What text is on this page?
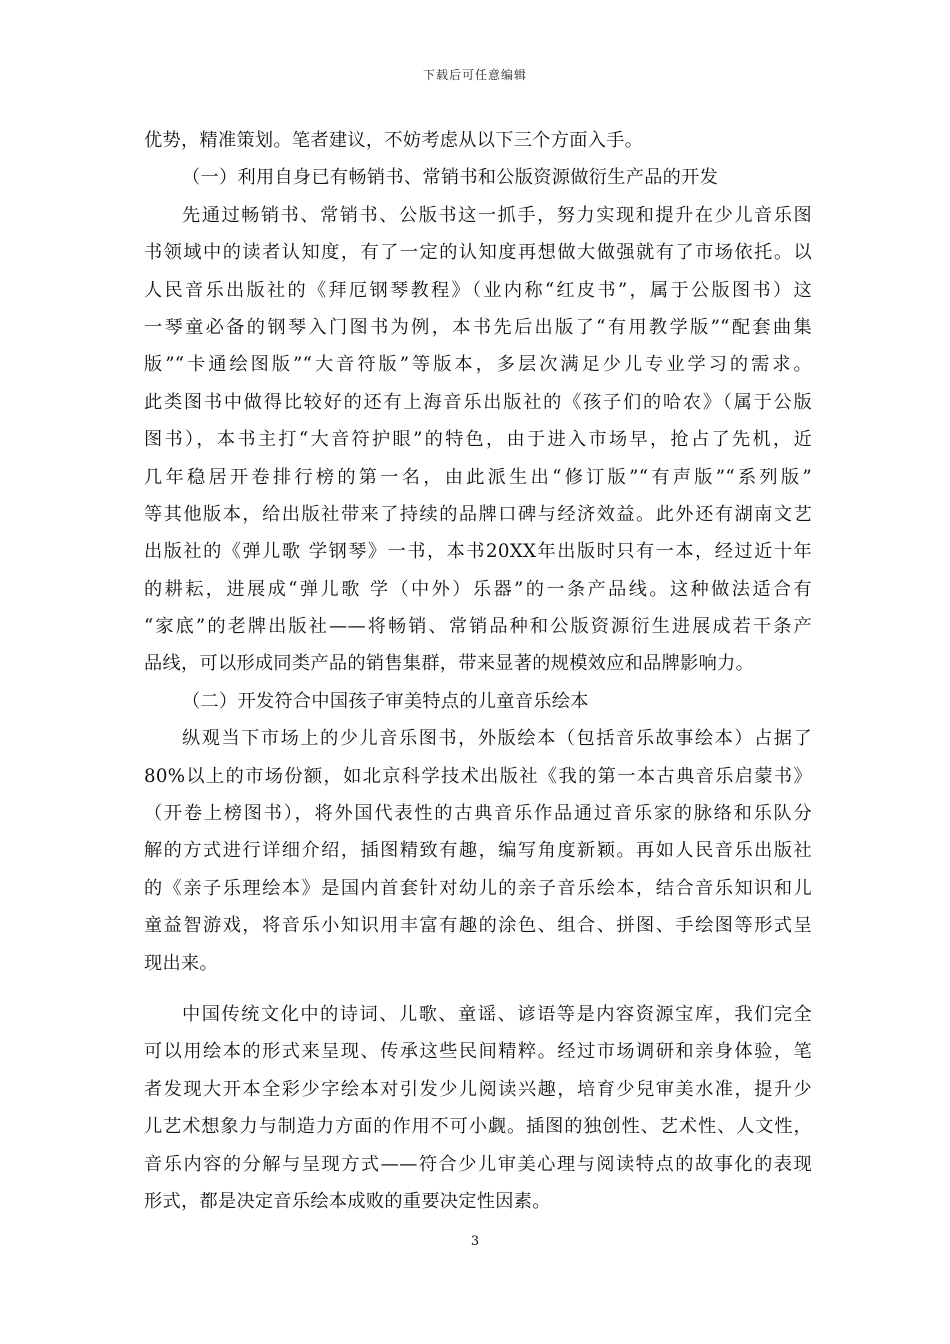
下载后可任意编辑
优势，精准策划。笔者建议，不妨考虑从以下三个方面入手。
（一）利用自身已有畅销书、常销书和公版资源做衍生产品的开发
先通过畅销书、常销书、公版书这一抓手，努力实现和提升在少儿音乐图
书领域中的读者认知度，有了一定的认知度再想做大做强就有了市场依托。以
人民音乐出版社的《拜厄钢琴教程》（业内称“红皮书”，属于公版图书）这
一琴童必备的钢琴入门图书为例，本书先后出版了“有用教学版”“配套曲集
版”“卡通绘图版”“大音符版”等版本，多层次满足少儿专业学习的需求。
此类图书中做得比较好的还有上海音乐出版社的《孩子们的哈农》（属于公版
图书），本书主打“大音符护眼”的特色，由于进入市场早，抢占了先机，近
几年稳居开卷排行榜的第一名，由此派生出“修订版”“有声版”“系列版”
等其他版本，给出版社带来了持续的品牌口碑与经济效益。此外还有湖南文艺
出版社的《弹儿歌 学钢琴》一书，本书20XX年出版时只有一本，经过近十年
的耕耘，进展成“弹儿歌 学（中外）乐器”的一条产品线。这种做法适合有
“家底”的老牌出版社——将畅销、常销品种和公版资源衍生进展成若干条产
品线，可以形成同类产品的销售集群，带来显著的规模效应和品牌影响力。
（二）开发符合中国孩子审美特点的儿童音乐绘本
纵观当下市场上的少儿音乐图书，外版绘本（包括音乐故事绘本）占据了
80%以上的市场份额，如北京科学技术出版社《我的第一本古典音乐启蒙书》
（开卷上榜图书），将外国代表性的古典音乐作品通过音乐家的脉络和乐队分
解的方式进行详细介绍，插图精致有趣，编写角度新颖。再如人民音乐出版社
的《亲子乐理绘本》是国内首套针对幼儿的亲子音乐绘本，结合音乐知识和儿
童益智游戏，将音乐小知识用丰富有趣的涂色、组合、拼图、手绘图等形式呈
现出来。
中国传统文化中的诗词、儿歌、童谣、谚语等是内容资源宝库，我们完全
可以用绘本的形式来呈现、传承这些民间精粹。经过市场调研和亲身体验，笔
者发现大开本全彩少字绘本对引发少儿阅读兴趣，培育少兒审美水准，提升少
儿艺术想象力与制造力方面的作用不可小觑。插图的独创性、艺术性、人文性，
音乐内容的分解与呈现方式——符合少儿审美心理与阅读特点的故事化的表现
形式，都是决定音乐绘本成败的重要决定性因素。
3
